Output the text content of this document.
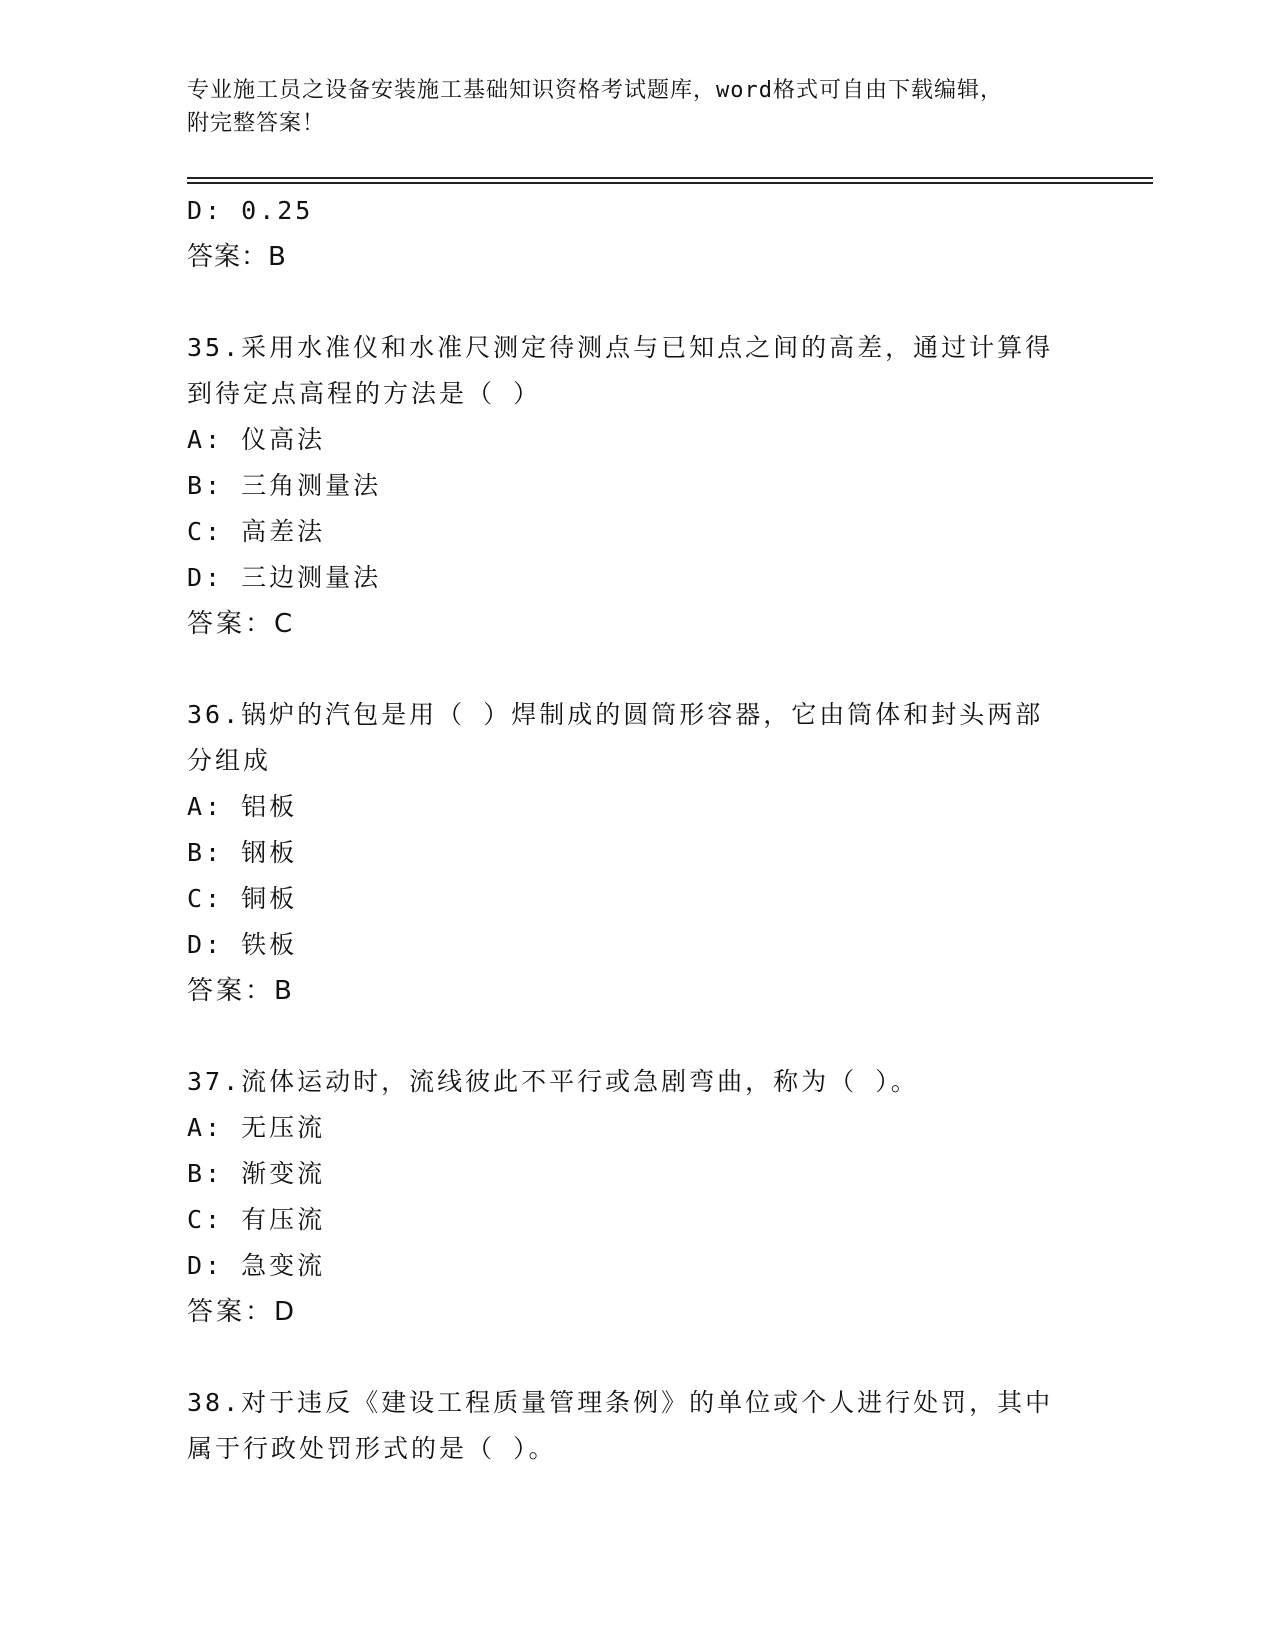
专业施工员之设备安装施工基础知识资格考试题库，word格式可自由下载编辑，
附完整答案！
D: 0.25
答案：B
35.采用水准仪和水准尺测定待测点与已知点之间的高差，通过计算得
到待定点高程的方法是（ ）
A: 仪高法
B: 三角测量法
C: 高差法
D: 三边测量法
答案：C
36.锅炉的汽包是用（ ）焊制成的圆筒形容器，它由筒体和封头两部
分组成
A: 铝板
B: 钢板
C: 铜板
D: 铁板
答案：B
37.流体运动时，流线彼此不平行或急剧弯曲，称为（ ）。
A: 无压流
B: 渐变流
C: 有压流
D: 急变流
答案：D
38.对于违反《建设工程质量管理条例》的单位或个人进行处罚，其中
属于行政处罚形式的是（ ）。
